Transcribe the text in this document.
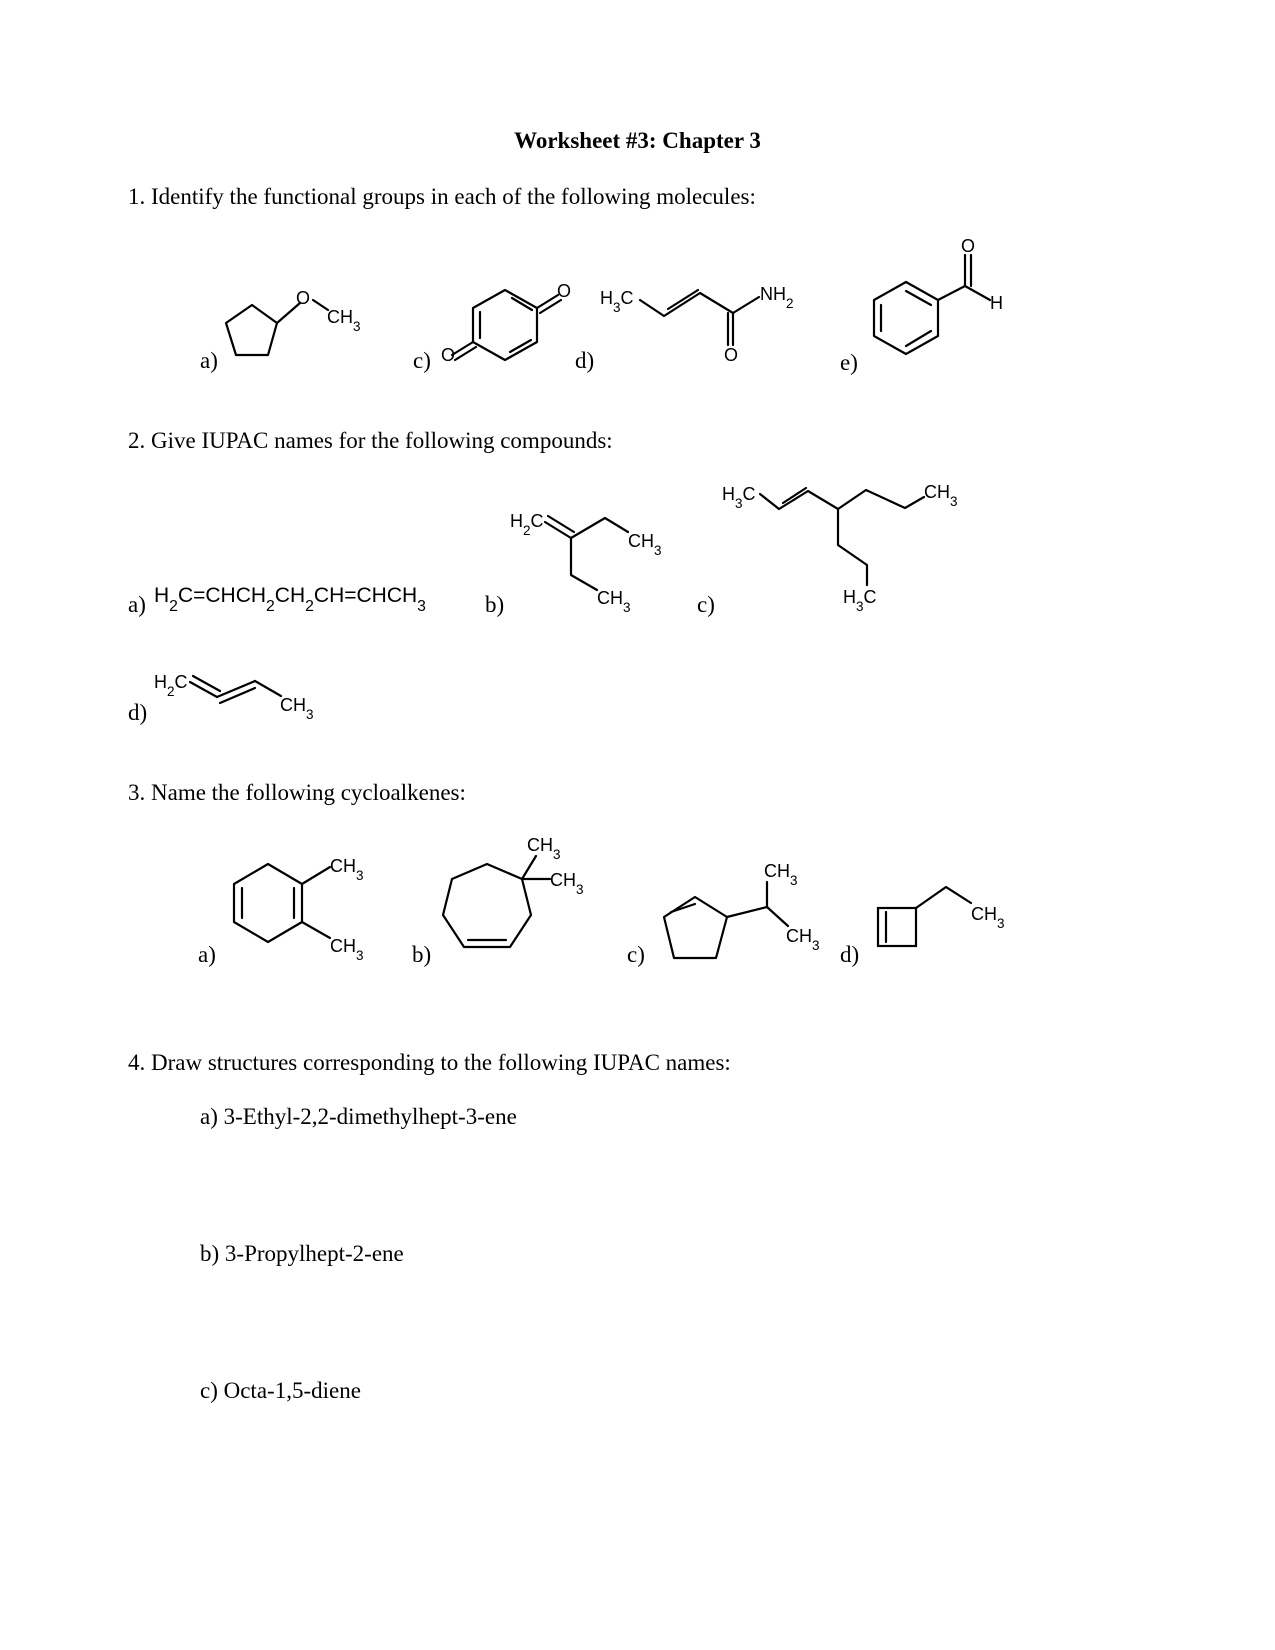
Worksheet #3: Chapter 3
1. Identify the functional groups in each of the following molecules:
2. Give IUPAC names for the following compounds:
3. Name the following cycloalkenes:
4. Draw structures corresponding to the following IUPAC names:
a)	c)	d)	e)
a)	b)	c)
d)
a)	b)	c)	d)
a) 3-Ethyl-2,2-dimethylhept-3-ene
b) 3-Propylhept-2-ene
c) Octa-1,5-diene
O
$CH_3$
O
O
$H_3C$
O
$NH_2$
O
H
$H_2C=CHCH_2CH_2CH=CHCH_3$
$H_2C$
$CH_3$
$CH_3$
$H_3C$	$CH_3$
$H_3C$
$H_2C$
$CH_3$
$CH_3$
$CH_3$
$CH_3$
$CH_3$
$CH_3$
$CH_3$
$CH_3$
